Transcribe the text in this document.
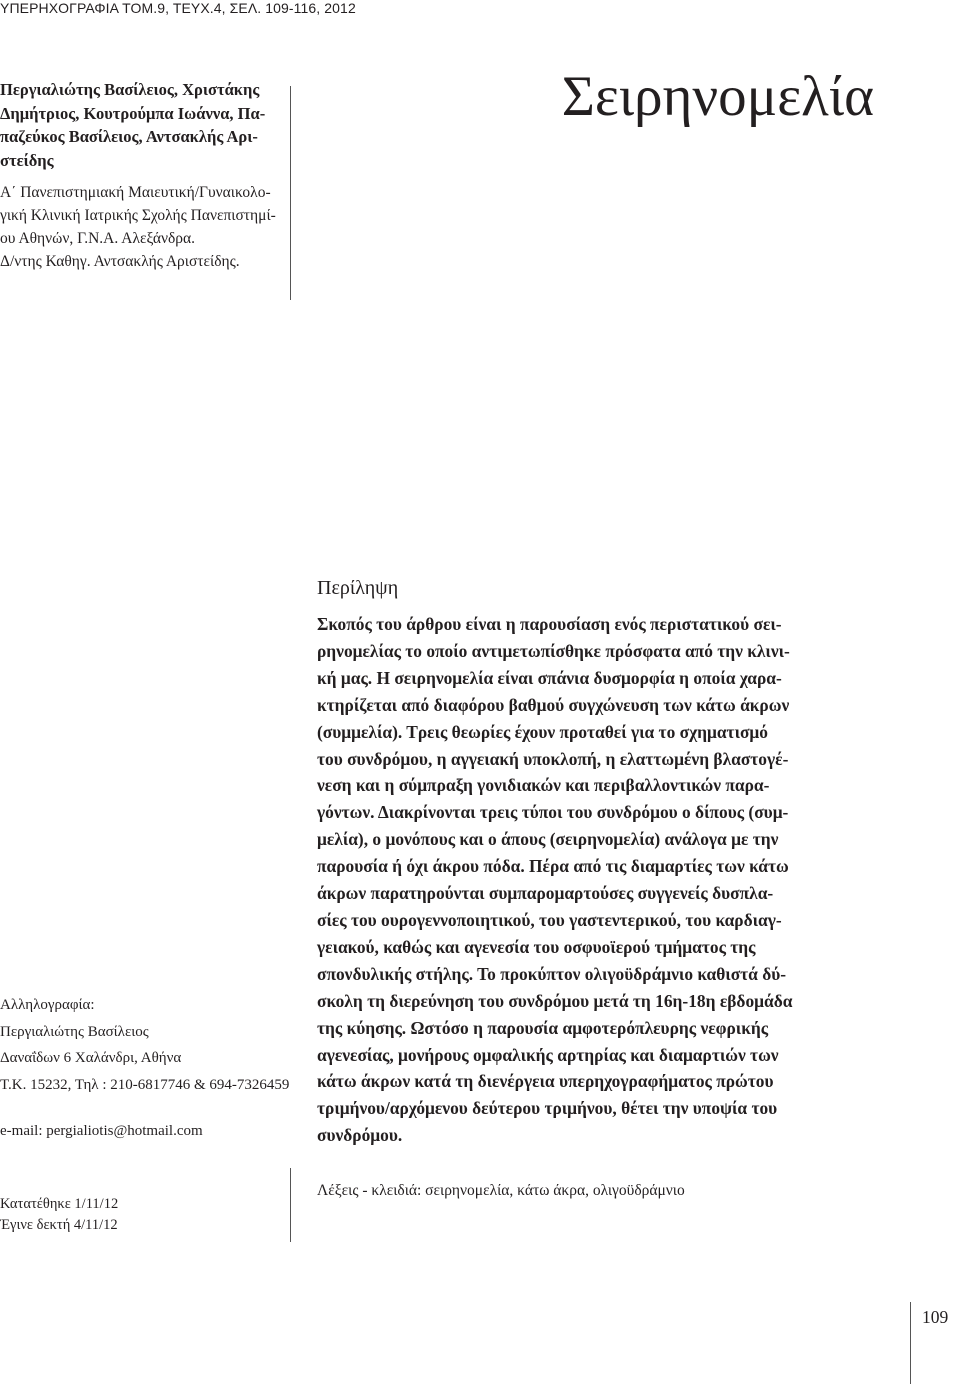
ΥΠΕΡΗΧΟΓΡΑΦΙΑ ΤΟΜ.9, ΤΕΥΧ.4, ΣΕΛ. 109-116, 2012

Περγιαλιώτης Βασίλειος, Χριστάκης
Δημήτριος, Κουτρούμπα Ιωάννα, Πα-
παζεύκος Βασίλειος, Αντσακλής Αρι-
στείδης

Α΄ Πανεπιστημιακή Μαιευτική/Γυναικολο-
γική Κλινική Ιατρικής Σχολής Πανεπιστημί-
ου Αθηνών, Γ.Ν.Α. Αλεξάνδρα.
Δ/ντης Καθηγ. Αντσακλής Αριστείδης.

Αλληλογραφία:
Περγιαλιώτης Βασίλειος
Δαναΐδων 6 Χαλάνδρι, Αθήνα
Τ.Κ. 15232, Τηλ : 210-6817746 & 694-7326459
e-mail: pergialiotis@hotmail.com
Κατατέθηκε 1/11/12
Έγινε δεκτή 4/11/12
Σειρηνομελία
Περίληψη

Σκοπός του άρθρου είναι η παρουσίαση ενός περιστατικού σει-
ρηνομελίας το οποίο αντιμετωπίσθηκε πρόσφατα από την κλινι-
κή μας. Η σειρηνομελία είναι σπάνια δυσμορφία η οποία χαρα-
κτηρίζεται από διαφόρου βαθμού συγχώνευση των κάτω άκρων
(συμμελία). Τρεις θεωρίες έχουν προταθεί για το σχηματισμό
του συνδρόμου, η αγγειακή υποκλοπή, η ελαττωμένη βλαστογέ-
νεση και η σύμπραξη γονιδιακών και περιβαλλοντικών παρα-
γόντων. Διακρίνονται τρεις τύποι του συνδρόμου ο δίπους (συμ-
μελία), ο μονόπους και ο άπους (σειρηνομελία) ανάλογα με την
παρουσία ή όχι άκρου πόδα. Πέρα από τις διαμαρτίες των κάτω
άκρων παρατηρούνται συμπαρομαρτούσες συγγενείς δυσπλα-
σίες του ουρογεννοποιητικού, του γαστεντερικού, του καρδιαγ-
γειακού, καθώς και αγενεσία του οσφυοϊερού τμήματος της
σπονδυλικής στήλης. Το προκύπτον ολιγοϋδράμνιο καθιστά δύ-
σκολη τη διερεύνηση του συνδρόμου μετά τη 16η-18η εβδομάδα
της κύησης. Ωστόσο η παρουσία αμφοτερόπλευρης νεφρικής
αγενεσίας, μονήρους ομφαλικής αρτηρίας και διαμαρτιών των
κάτω άκρων κατά τη διενέργεια υπερηχογραφήματος πρώτου
τριμήνου/αρχόμενου δεύτερου τριμήνου, θέτει την υποψία του
συνδρόμου.

Λέξεις - κλειδιά: σειρηνομελία, κάτω άκρα, ολιγοϋδράμνιο
109
